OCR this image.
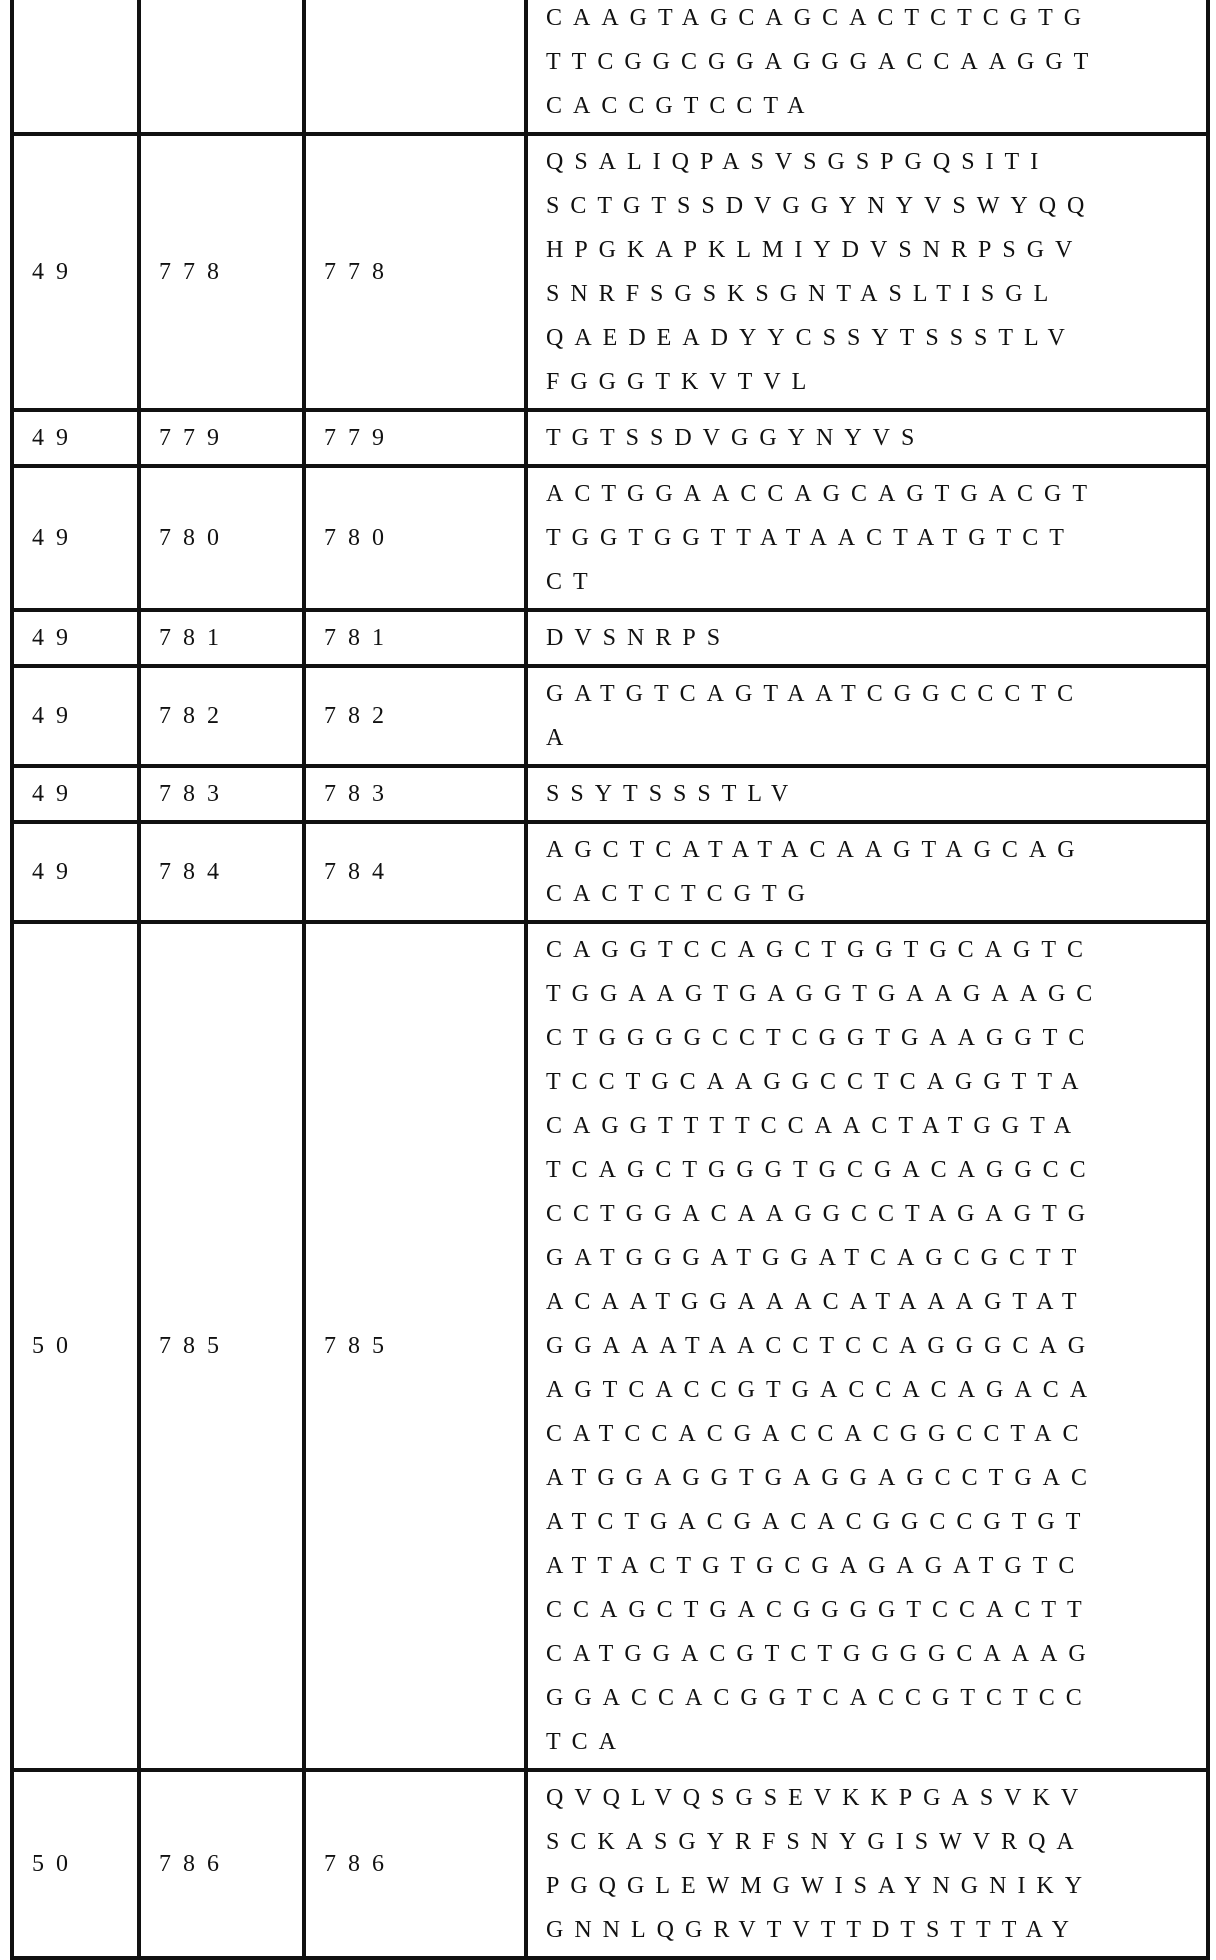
CAAGTAGCAGCACTCTCGTG
TTCGGCGGAGGGACCAAGGT
CACCGTCCTA

49	778	778	
QSALIQPASVSGSPGQSITI
SCTGTSSDVGGYNYVSWYQQ
HPGKAPKLMIYDVSNRPSGV
SNRFSGSKSGNTASLTISGL
QAEDEADYYCSSYTSSSTLV
FGGGTKVTVL

49	779	779	TGTSSDVGGYNYVS

49	780	780	
ACTGGAACCAGCAGTGACGT
TGGTGGTTATAACTATGTCT
CT

49	781	781	DVSNRPS

49	782	782	
GATGTCAGTAATCGGCCCTC
A

49	783	783	SSYTSSSTLV

49	784	784	
AGCTCATATACAAGTAGCAG
CACTCTCGTG

50	785	785	
CAGGTCCAGCTGGTGCAGTC
TGGAAGTGAGGTGAAGAAGC
CTGGGGCCTCGGTGAAGGTC
TCCTGCAAGGCCTCAGGTTA
CAGGTTTTCCAACTATGGTA
TCAGCTGGGTGCGACAGGCC
CCTGGACAAGGCCTAGAGTG
GATGGGATGGATCAGCGCTT
ACAATGGAAACATAAAGTAT
GGAAATAACCTCCAGGGCAG
AGTCACCGTGACCACAGACA
CATCCACGACCACGGCCTAC
ATGGAGGTGAGGAGCCTGAC
ATCTGACGACACGGCCGTGT
ATTACTGTGCGAGAGATGTC
CCAGCTGACGGGGTCCACTT
CATGGACGTCTGGGGCAAAG
GGACCACGGTCACCGTCTCC
TCA

50	786	786	
QVQLVQSGSEVKKPGASVKV
SCKASGYRFSNYGISWVRQA
PGQGLEWMGWISAYNGNIKY
GNNLQGRVTVTTDTSTTTAY
